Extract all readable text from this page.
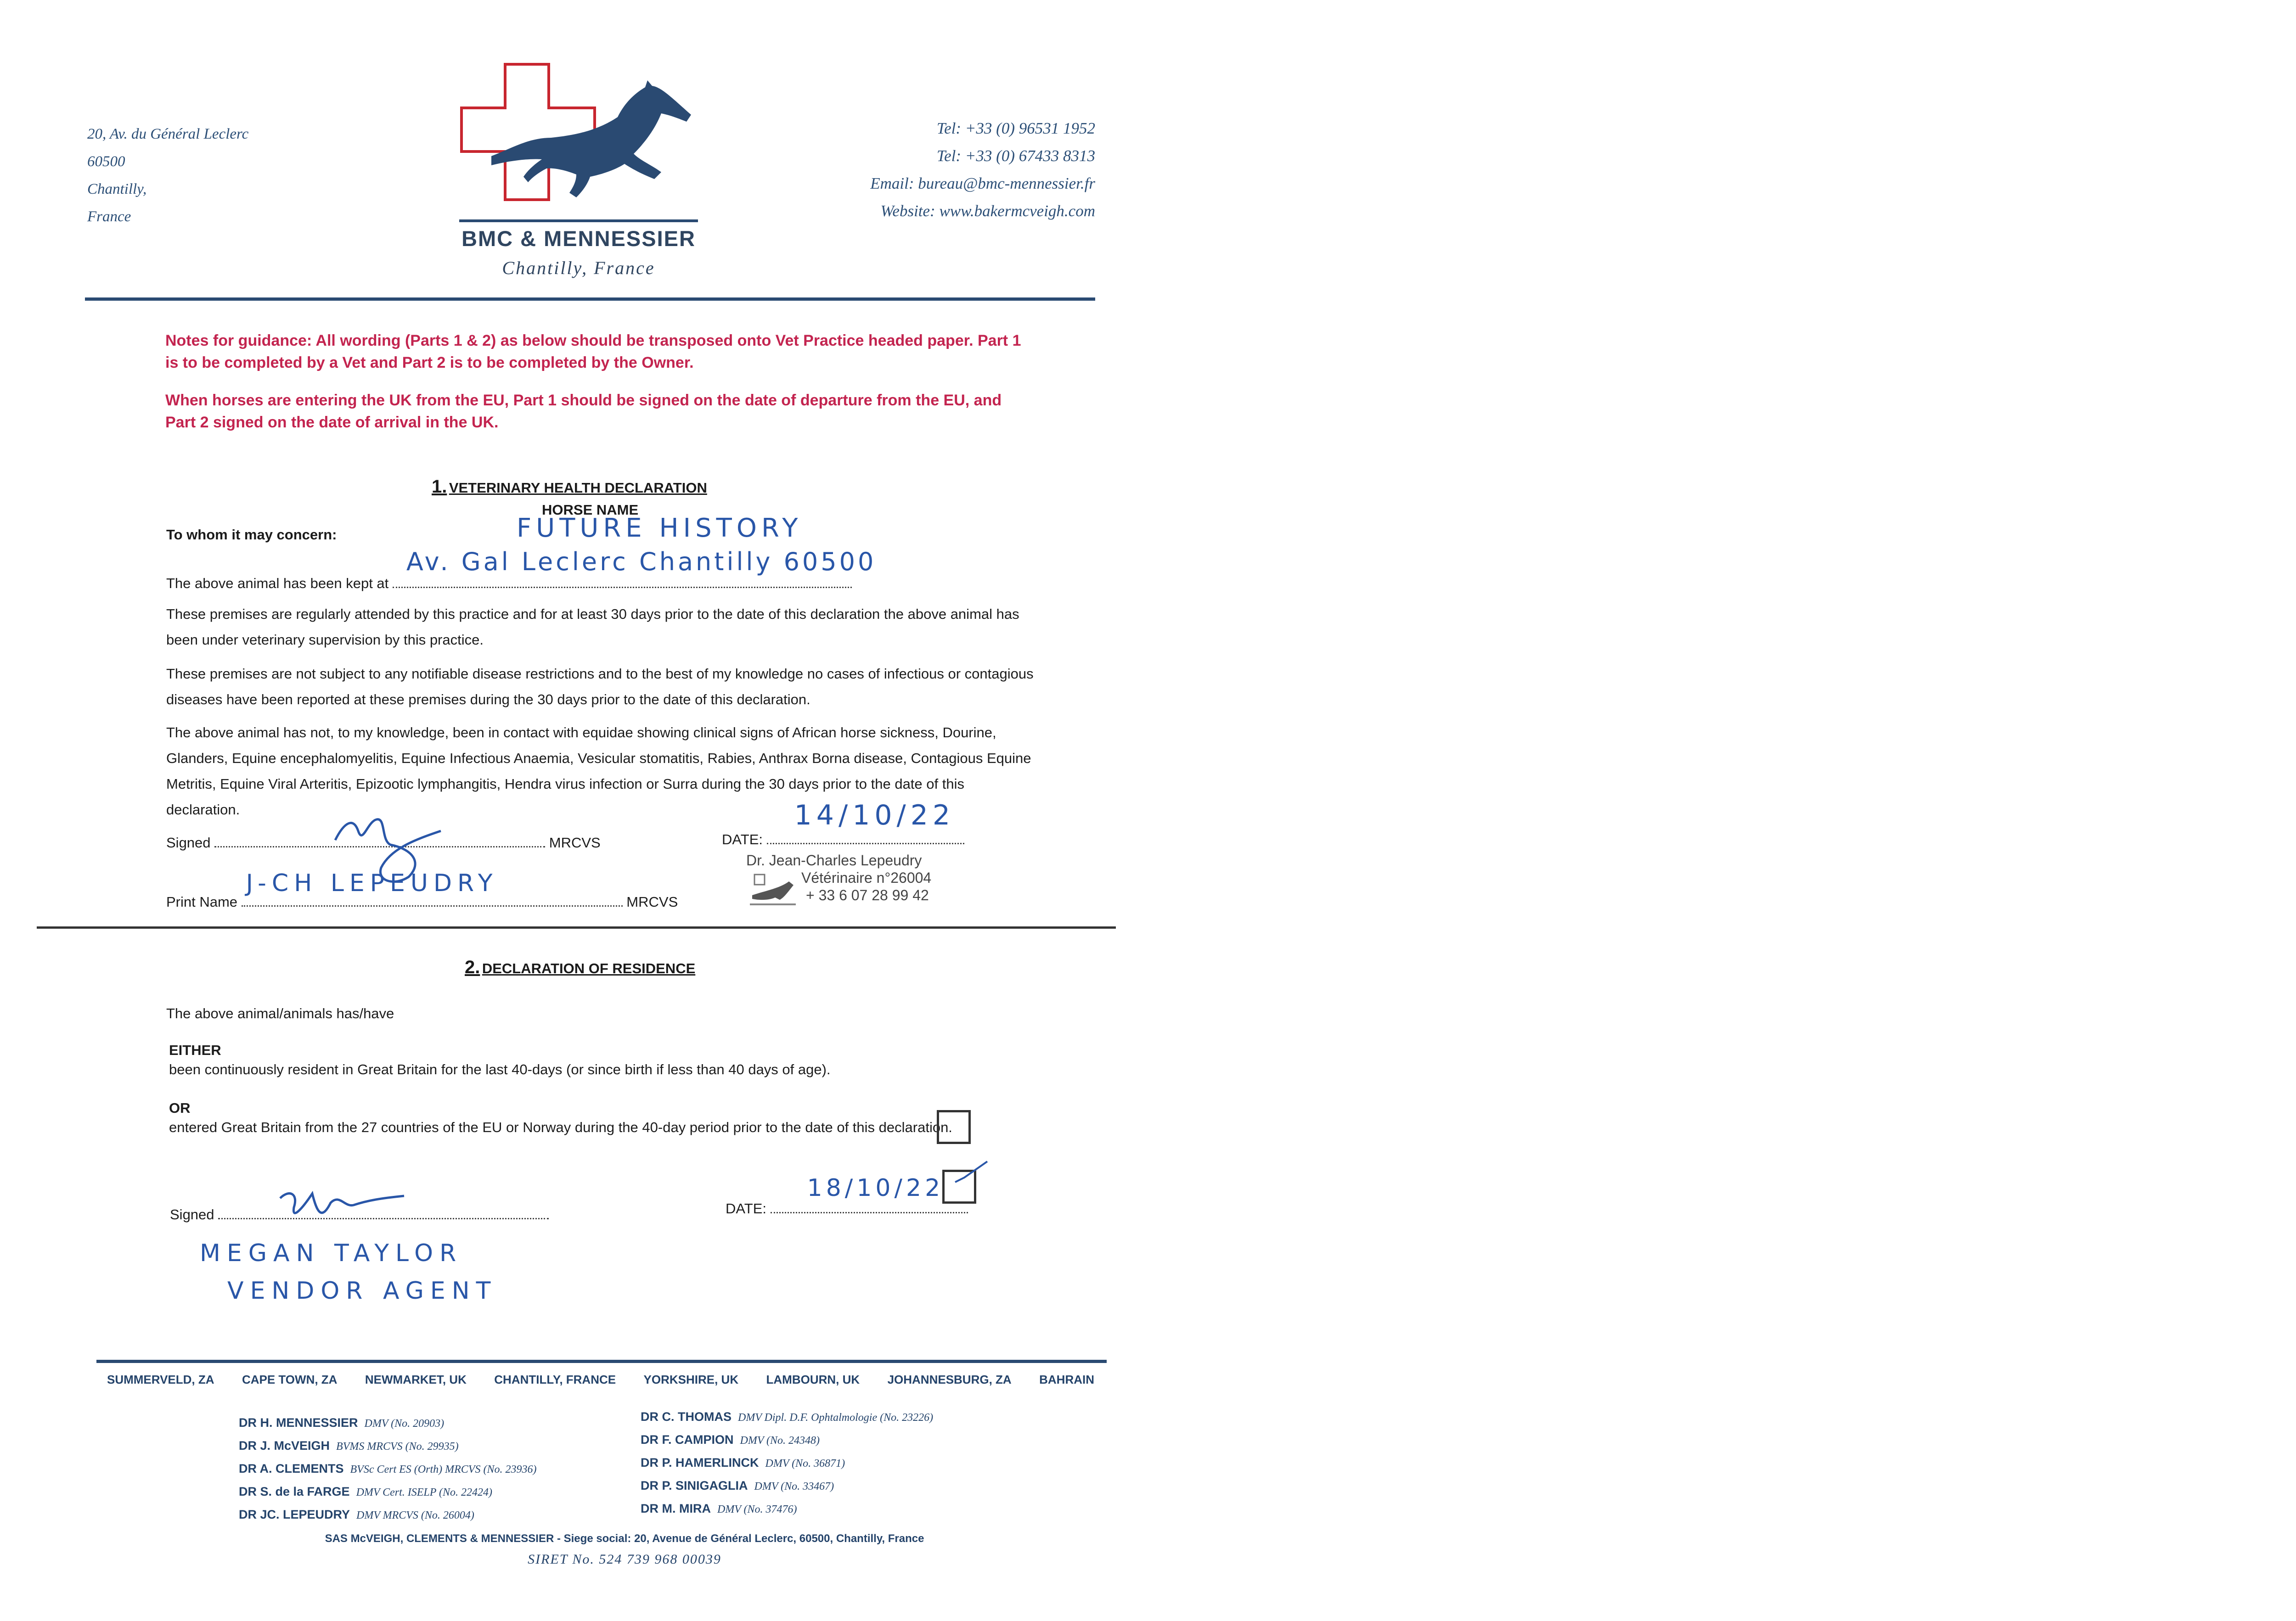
20, Av. du Général Leclerc
60500
Chantilly,
France
BMC & MENNESSIER
Chantilly, France
Tel: +33 (0) 96531 1952
Tel: +33 (0) 67433 8313
Email: bureau@bmc-mennessier.fr
Website: www.bakermcveigh.com
Notes for guidance: All wording (Parts 1 & 2) as below should be transposed onto Vet Practice headed paper. Part 1 is to be completed by a Vet and Part 2 is to be completed by the Owner.
When horses are entering the UK from the EU, Part 1 should be signed on the date of departure from the EU, and Part 2 signed on the date of arrival in the UK.
1. VETERINARY HEALTH DECLARATION
HORSE NAME
To whom it may concern:	FUTURE HISTORY
The above animal has been kept at
Av. Gal Leclerc Chantilly 60500
These premises are regularly attended by this practice and for at least 30 days prior to the date of this declaration the above animal has been under veterinary supervision by this practice.
These premises are not subject to any notifiable disease restrictions and to the best of my knowledge no cases of infectious or contagious diseases have been reported at these premises during the 30 days prior to the date of this declaration.
The above animal has not, to my knowledge, been in contact with equidae showing clinical signs of African horse sickness, Dourine, Glanders, Equine encephalomyelitis, Equine Infectious Anaemia, Vesicular stomatitis, Rabies, Anthrax Borna disease, Contagious Equine Metritis, Equine Viral Arteritis, Epizootic lymphangitis, Hendra virus infection or Surra during the 30 days prior to the date of this declaration.
Signed	MRCVS	DATE:
14/10/22
Print Name
J-CH LEPEUDRY
MRCVS
Dr. Jean-Charles Lepeudry
Vétérinaire n°26004
+ 33 6 07 28 99 42
2. DECLARATION OF RESIDENCE
The above animal/animals has/have
EITHER
been continuously resident in Great Britain for the last 40-days (or since birth if less than 40 days of age).
OR
entered Great Britain from the 27 countries of the EU or Norway during the 40-day period prior to the date of this declaration.
Signed	DATE:
18/10/22
MEGAN TAYLOR
VENDOR AGENT
SUMMERVELD, ZA CAPE TOWN, ZA NEWMARKET, UK CHANTILLY, FRANCE YORKSHIRE, UK LAMBOURN, UK JOHANNESBURG, ZA BAHRAIN
DR H. MENNESSIER DMV (No. 20903)
DR J. McVEIGH BVMS MRCVS (No. 29935)
DR A. CLEMENTS BVSc Cert ES (Orth) MRCVS (No. 23936)
DR S. de la FARGE DMV Cert. ISELP (No. 22424)
DR JC. LEPEUDRY DMV MRCVS (No. 26004)
DR C. THOMAS DMV Dipl. D.F. Ophtalmologie (No. 23226)
DR F. CAMPION DMV (No. 24348)
DR P. HAMERLINCK DMV (No. 36871)
DR P. SINIGAGLIA DMV (No. 33467)
DR M. MIRA DMV (No. 37476)
SAS McVEIGH, CLEMENTS & MENNESSIER - Siege social: 20, Avenue de Général Leclerc, 60500, Chantilly, France
SIRET No. 524 739 968 00039
